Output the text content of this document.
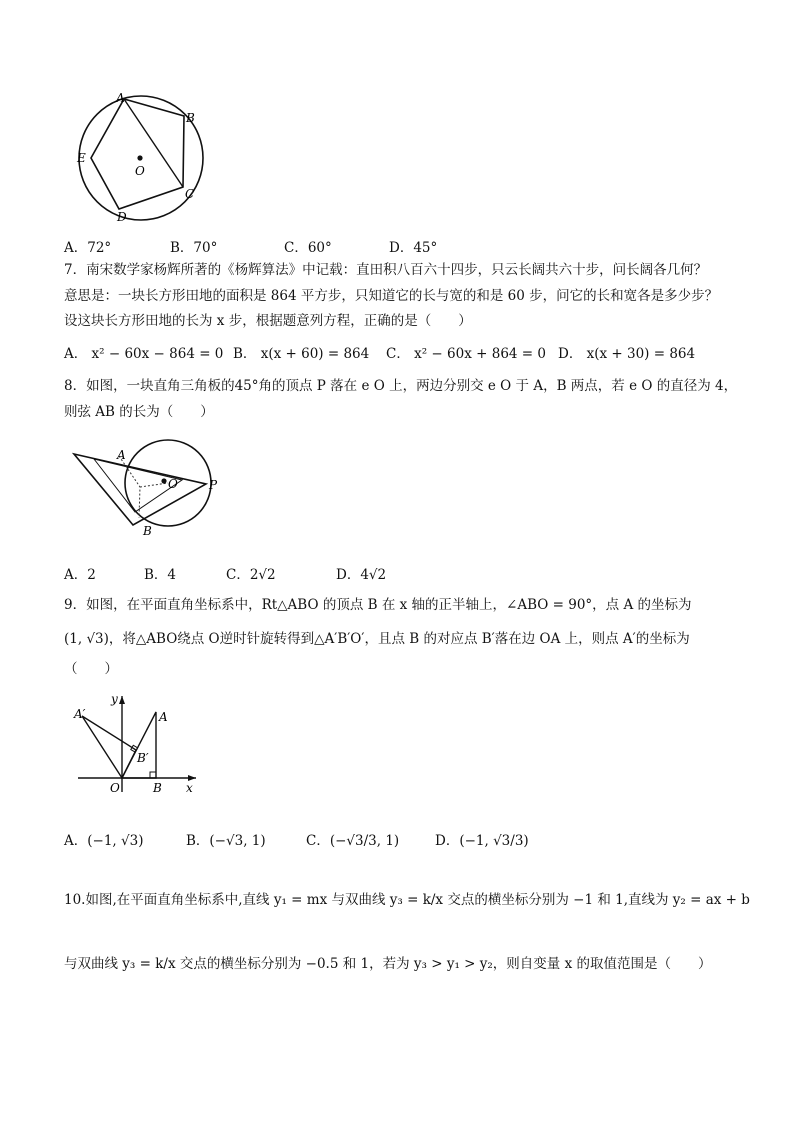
A
B
C
D
E
O
A．72°	B．70°	C．60°	D．45°
7．南宋数学家杨辉所著的《杨辉算法》中记载：直田积八百六十四步，只云长阔共六十步，问长阔各几何？
意思是：一块长方形田地的面积是 864 平方步，只知道它的长与宽的和是 60 步，问它的长和宽各是多少步？
设这块长方形田地的长为 x 步，根据题意列方程，正确的是（　　）
A． x² − 60x − 864 = 0 B． x(x + 60) = 864 C． x² − 60x + 864 = 0 D． x(x + 30) = 864
8．如图，一块直角三角板的45°角的顶点 P 落在 e O 上，两边分别交 e O 于 A，B 两点，若 e O 的直径为 4，
则弦 AB 的长为（　　）
A
B
O	P
A．2	B．4	C．2√2	D．4√2
9．如图，在平面直角坐标系中，Rt△ABO 的顶点 B 在 x 轴的正半轴上，∠ABO = 90°，点 A 的坐标为
(1, √3)，将△ABO绕点 O逆时针旋转得到△A′B′O′，且点 B 的对应点 B′落在边 OA 上，则点 A′的坐标为
（　　）
A′	A
B′
B
O	x
y
A．(−1, √3)	B．(−√3, 1)	C．(−√3/3, 1)	D．(−1, √3/3)
10.如图,在平面直角坐标系中,直线 y₁ = mx 与双曲线 y₃ = k/x 交点的横坐标分别为 −1 和 1,直线为 y₂ = ax + b
与双曲线 y₃ = k/x 交点的横坐标分别为 −0.5 和 1，若为 y₃ > y₁ > y₂，则自变量 x 的取值范围是（　　）
